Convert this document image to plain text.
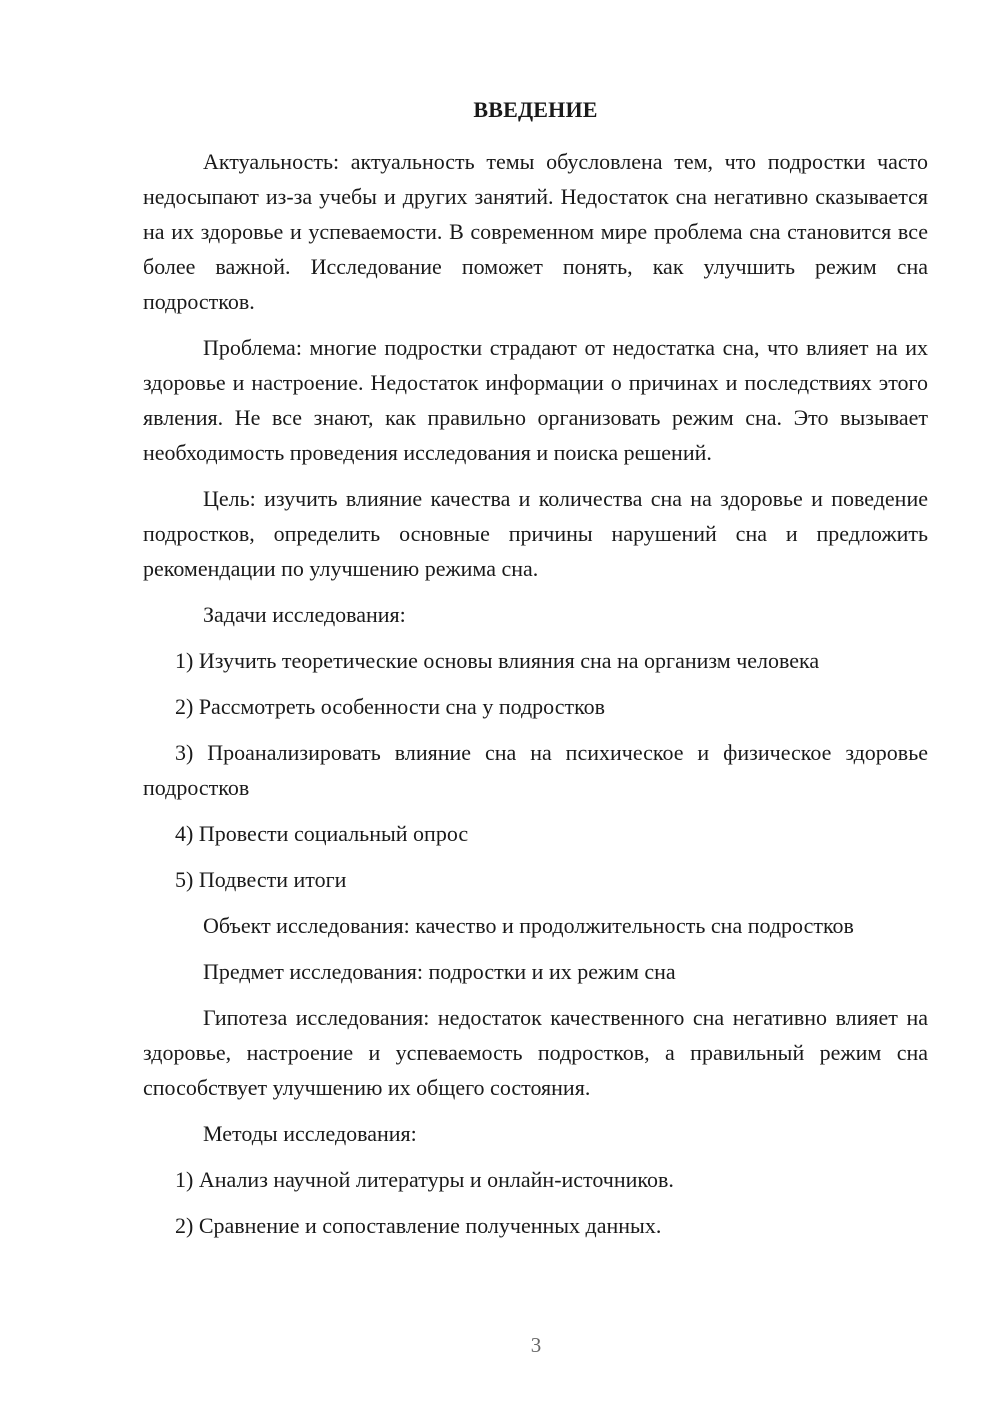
ВВЕДЕНИЕ

Актуальность: актуальность темы обусловлена тем, что подростки часто недосыпают из-за учебы и других занятий. Недостаток сна негативно сказывается на их здоровье и успеваемости. В современном мире проблема сна становится все более важной. Исследование поможет понять, как улучшить режим сна подростков.

Проблема: многие подростки страдают от недостатка сна, что влияет на их здоровье и настроение. Недостаток информации о причинах и последствиях этого явления. Не все знают, как правильно организовать режим сна. Это вызывает необходимость проведения исследования и поиска решений.

Цель: изучить влияние качества и количества сна на здоровье и поведение подростков, определить основные причины нарушений сна и предложить рекомендации по улучшению режима сна.

Задачи исследования:

1) Изучить теоретические основы влияния сна на организм человека

2) Рассмотреть особенности сна у подростков

3) Проанализировать влияние сна на психическое и физическое здоровье подростков

4) Провести социальный опрос

5) Подвести итоги

Объект исследования: качество и продолжительность сна подростков

Предмет исследования: подростки и их режим сна

Гипотеза исследования: недостаток качественного сна негативно влияет на здоровье, настроение и успеваемость подростков, а правильный режим сна способствует улучшению их общего состояния.

Методы исследования:

1) Анализ научной литературы и онлайн-источников.

2) Сравнение и сопоставление полученных данных.

3
